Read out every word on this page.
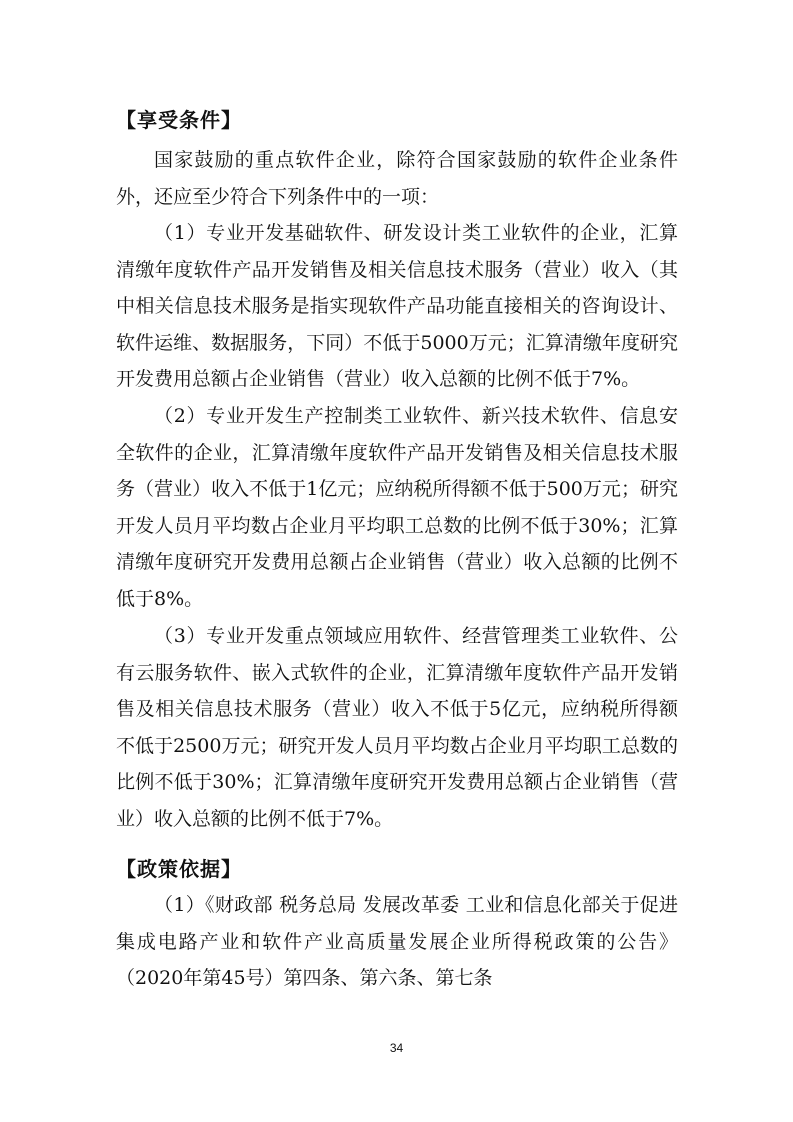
【享受条件】

国家鼓励的重点软件企业，除符合国家鼓励的软件企业条件外，还应至少符合下列条件中的一项：

（1）专业开发基础软件、研发设计类工业软件的企业，汇算清缴年度软件产品开发销售及相关信息技术服务（营业）收入（其中相关信息技术服务是指实现软件产品功能直接相关的咨询设计、软件运维、数据服务，下同）不低于5000万元；汇算清缴年度研究开发费用总额占企业销售（营业）收入总额的比例不低于7%。

（2）专业开发生产控制类工业软件、新兴技术软件、信息安全软件的企业，汇算清缴年度软件产品开发销售及相关信息技术服务（营业）收入不低于1亿元；应纳税所得额不低于500万元；研究开发人员月平均数占企业月平均职工总数的比例不低于30%；汇算清缴年度研究开发费用总额占企业销售（营业）收入总额的比例不低于8%。

（3）专业开发重点领域应用软件、经营管理类工业软件、公有云服务软件、嵌入式软件的企业，汇算清缴年度软件产品开发销售及相关信息技术服务（营业）收入不低于5亿元，应纳税所得额不低于2500万元；研究开发人员月平均数占企业月平均职工总数的比例不低于30%；汇算清缴年度研究开发费用总额占企业销售（营业）收入总额的比例不低于7%。

【政策依据】

（1）《财政部 税务总局 发展改革委 工业和信息化部关于促进集成电路产业和软件产业高质量发展企业所得税政策的公告》（2020年第45号）第四条、第六条、第七条

34
